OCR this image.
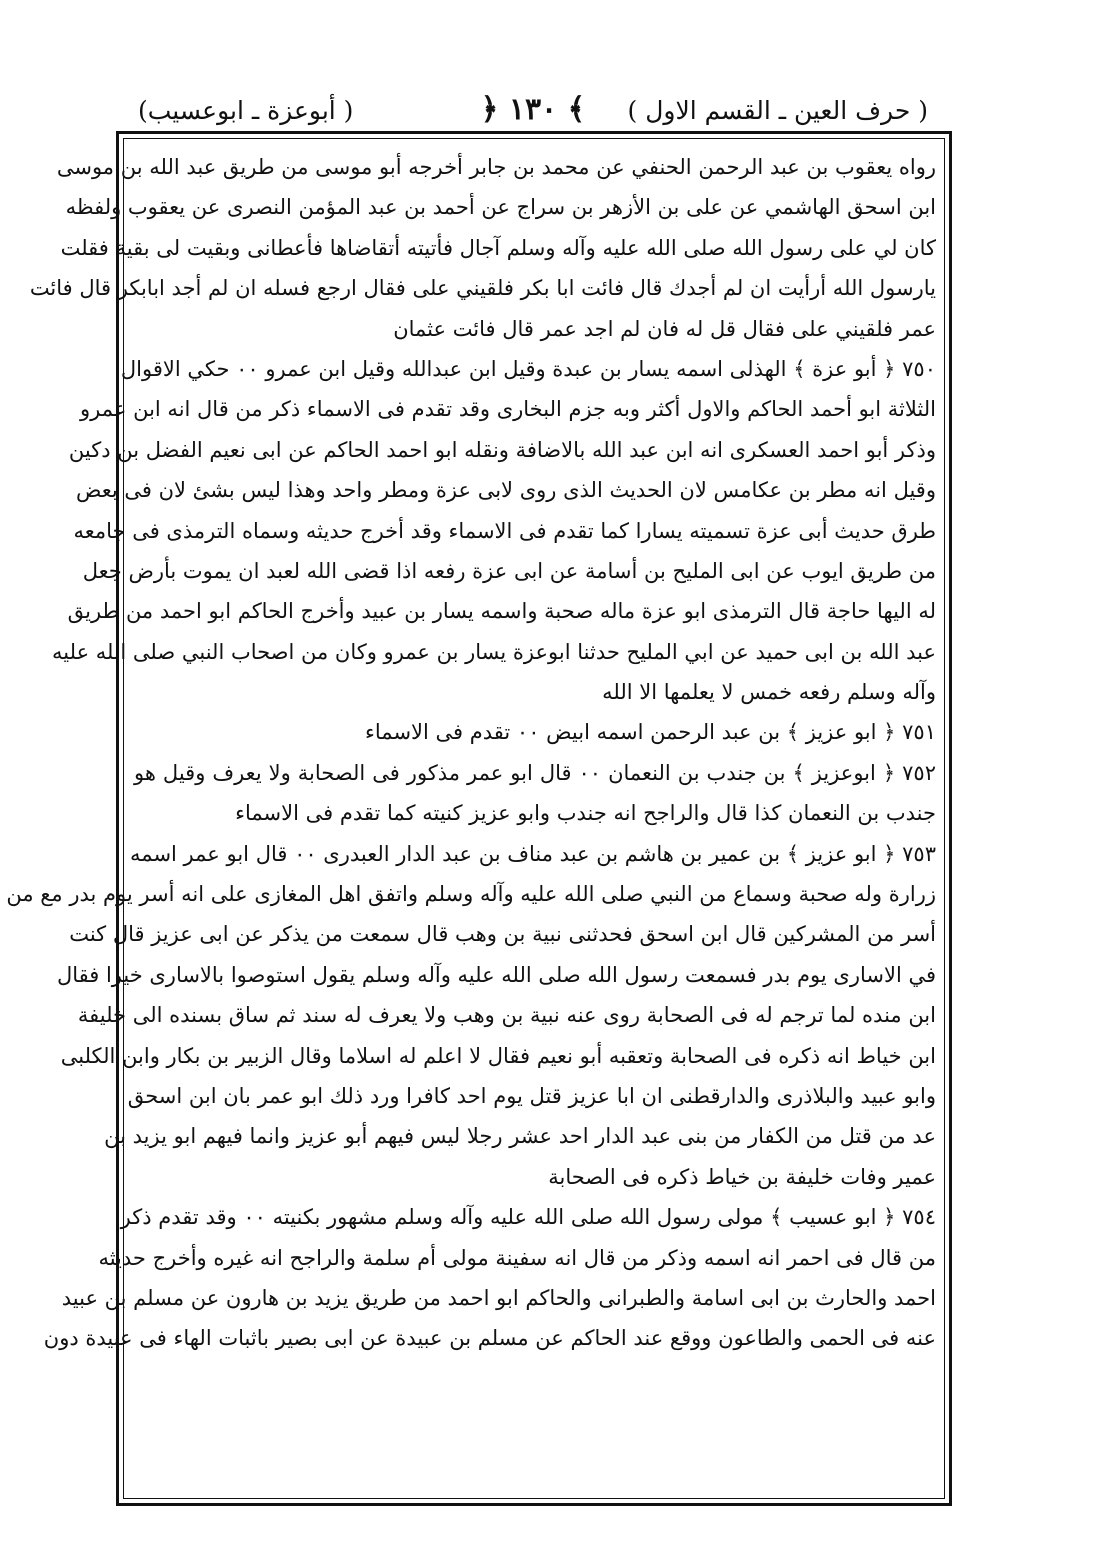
( حرف العين ـ القسم الاول )
﴾ ١٣٠ ﴿
( أبوعزة ـ ابوعسيب)
رواه يعقوب بن عبد الرحمن الحنفي عن محمد بن جابر أخرجه أبو موسى من طريق عبد الله بن موسى
ابن اسحق الهاشمي عن على بن الأزهر بن سراج عن أحمد بن عبد المؤمن النصرى عن يعقوب ولفظه
كان لي على رسول الله صلى الله عليه وآله وسلم آجال فأتيته أتقاضاها فأعطانى وبقيت لى بقية فقلت
يارسول الله أرأيت ان لم أجدك قال فائت ابا بكر فلقيني على فقال ارجع فسله ان لم أجد ابابكر قال فائت
عمر فلقيني على فقال قل له فان لم اجد عمر قال فائت عثمان
٧٥٠ ﴿ أبو عزة ﴾ الهذلى اسمه يسار بن عبدة وقيل ابن عبدالله وقيل ابن عمرو ٠٠ حكي الاقوال
الثلاثة ابو أحمد الحاكم والاول أكثر وبه جزم البخارى وقد تقدم فى الاسماء ذكر من قال انه ابن عمرو
وذكر أبو احمد العسكرى انه ابن عبد الله بالاضافة ونقله ابو احمد الحاكم عن ابى نعيم الفضل بن دكين
وقيل انه مطر بن عكامس لان الحديث الذى روى لابى عزة ومطر واحد وهذا ليس بشئ لان فى بعض
طرق حديث أبى عزة تسميته يسارا كما تقدم فى الاسماء وقد أخرج حديثه وسماه الترمذى فى جامعه
من طريق ايوب عن ابى المليح بن أسامة عن ابى عزة رفعه اذا قضى الله لعبد ان يموت بأرض جعل
له اليها حاجة قال الترمذى ابو عزة ماله صحبة واسمه يسار بن عبيد وأخرج الحاكم ابو احمد من طريق
عبد الله بن ابى حميد عن ابي المليح حدثنا ابوعزة يسار بن عمرو وكان من اصحاب النبي صلى الله عليه
وآله وسلم رفعه خمس لا يعلمها الا الله
٧٥١ ﴿ ابو عزيز ﴾ بن عبد الرحمن اسمه ابيض ٠٠ تقدم فى الاسماء
٧٥٢ ﴿ ابوعزيز ﴾ بن جندب بن النعمان ٠٠ قال ابو عمر مذكور فى الصحابة ولا يعرف وقيل هو
جندب بن النعمان كذا قال والراجح انه جندب وابو عزيز كنيته كما تقدم فى الاسماء
٧٥٣ ﴿ ابو عزيز ﴾ بن عمير بن هاشم بن عبد مناف بن عبد الدار العبدرى ٠٠ قال ابو عمر اسمه
زرارة وله صحبة وسماع من النبي صلى الله عليه وآله وسلم واتفق اهل المغازى على انه أسر يوم بدر مع من
أسر من المشركين قال ابن اسحق فحدثنى نبية بن وهب قال سمعت من يذكر عن ابى عزيز قال كنت
في الاسارى يوم بدر فسمعت رسول الله صلى الله عليه وآله وسلم يقول استوصوا بالاسارى خيرا فقال
ابن منده لما ترجم له فى الصحابة روى عنه نبية بن وهب ولا يعرف له سند ثم ساق بسنده الى خليفة
ابن خياط انه ذكره فى الصحابة وتعقبه أبو نعيم فقال لا اعلم له اسلاما وقال الزبير بن بكار وابن الكلبى
وابو عبيد والبلاذرى والدارقطنى ان ابا عزيز قتل يوم احد كافرا ورد ذلك ابو عمر بان ابن اسحق
عد من قتل من الكفار من بنى عبد الدار احد عشر رجلا ليس فيهم أبو عزيز وانما فيهم ابو يزيد بن
عمير وفات خليفة بن خياط ذكره فى الصحابة
٧٥٤ ﴿ ابو عسيب ﴾ مولى رسول الله صلى الله عليه وآله وسلم مشهور بكنيته ٠٠ وقد تقدم ذكر
من قال فى احمر انه اسمه وذكر من قال انه سفينة مولى أم سلمة والراجح انه غيره وأخرج حديثه
احمد والحارث بن ابى اسامة والطبرانى والحاكم ابو احمد من طريق يزيد بن هارون عن مسلم بن عبيد
عنه فى الحمى والطاعون ووقع عند الحاكم عن مسلم بن عبيدة عن ابى بصير باثبات الهاء فى عبيدة دون
